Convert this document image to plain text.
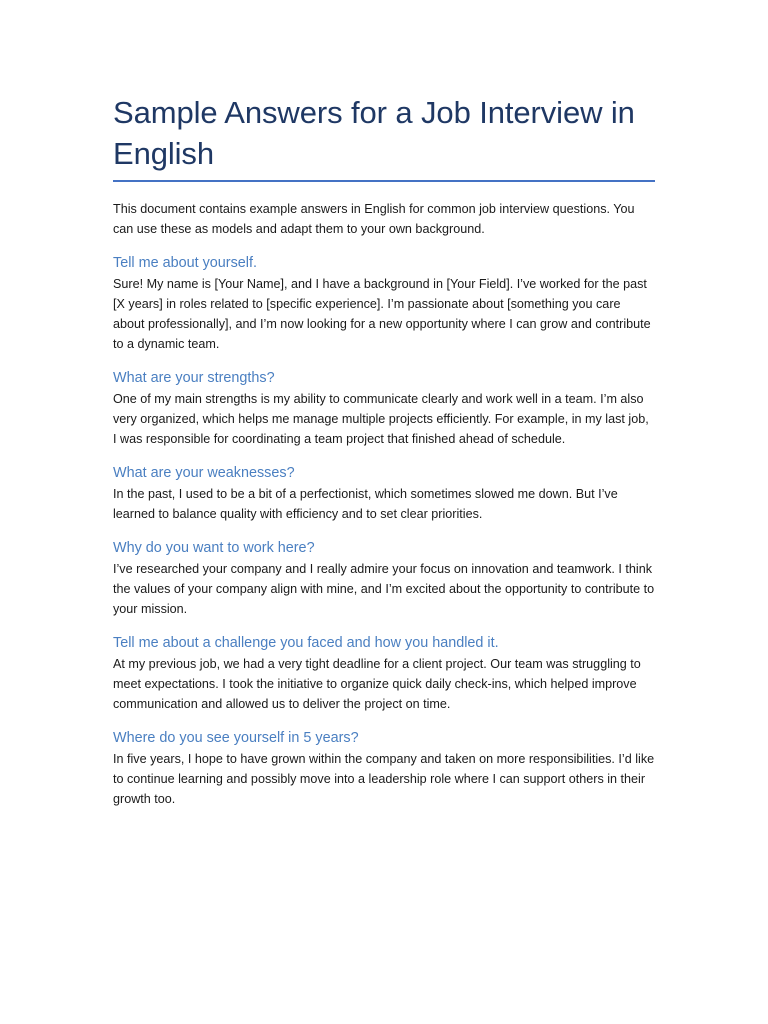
Sample Answers for a Job Interview in English

This document contains example answers in English for common job interview questions. You can use these as models and adapt them to your own background.

Tell me about yourself.

Sure! My name is [Your Name], and I have a background in [Your Field]. I’ve worked for the past [X years] in roles related to [specific experience]. I’m passionate about [something you care about professionally], and I’m now looking for a new opportunity where I can grow and contribute to a dynamic team.

What are your strengths?

One of my main strengths is my ability to communicate clearly and work well in a team. I’m also very organized, which helps me manage multiple projects efficiently. For example, in my last job, I was responsible for coordinating a team project that finished ahead of schedule.

What are your weaknesses?

In the past, I used to be a bit of a perfectionist, which sometimes slowed me down. But I’ve learned to balance quality with efficiency and to set clear priorities.

Why do you want to work here?

I’ve researched your company and I really admire your focus on innovation and teamwork. I think the values of your company align with mine, and I’m excited about the opportunity to contribute to your mission.

Tell me about a challenge you faced and how you handled it.

At my previous job, we had a very tight deadline for a client project. Our team was struggling to meet expectations. I took the initiative to organize quick daily check-ins, which helped improve communication and allowed us to deliver the project on time.

Where do you see yourself in 5 years?

In five years, I hope to have grown within the company and taken on more responsibilities. I’d like to continue learning and possibly move into a leadership role where I can support others in their growth too.
